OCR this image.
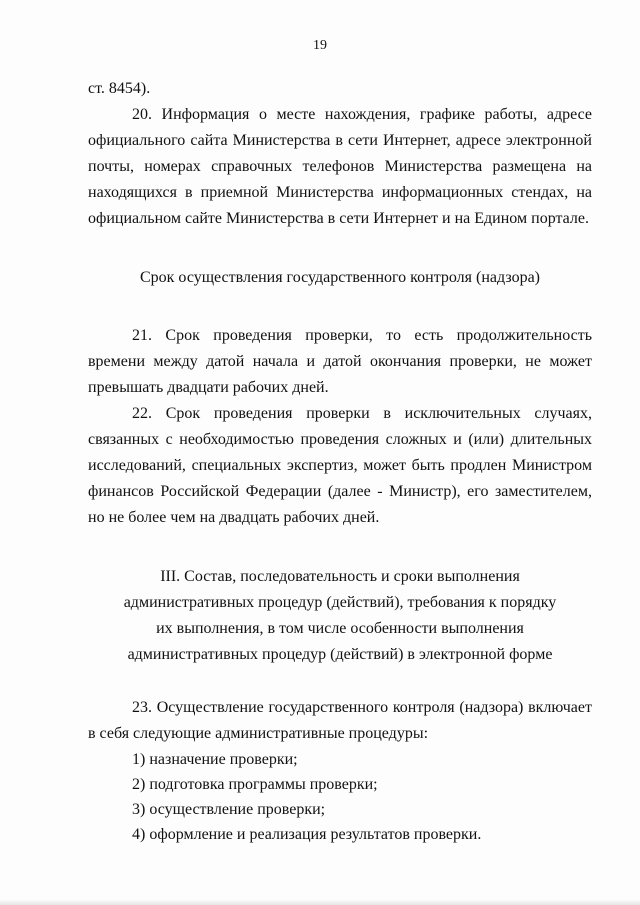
19

ст. 8454).

20. Информация о месте нахождения, графике работы, адресе официального сайта Министерства в сети Интернет, адресе электронной почты, номерах справочных телефонов Министерства размещена на находящихся в приемной Министерства информационных стендах, на официальном сайте Министерства в сети Интернет и на Едином портале.

Срок осуществления государственного контроля (надзора)

21. Срок проведения проверки, то есть продолжительность времени между датой начала и датой окончания проверки, не может превышать двадцати рабочих дней.

22. Срок проведения проверки в исключительных случаях, связанных с необходимостью проведения сложных и (или) длительных исследований, специальных экспертиз, может быть продлен Министром финансов Российской Федерации (далее - Министр), его заместителем, но не более чем на двадцать рабочих дней.

III. Состав, последовательность и сроки выполнения

административных процедур (действий), требования к порядку

их выполнения, в том числе особенности выполнения

административных процедур (действий) в электронной форме

23. Осуществление государственного контроля (надзора) включает в себя следующие административные процедуры:

1) назначение проверки;

2) подготовка программы проверки;

3) осуществление проверки;

4) оформление и реализация результатов проверки.
